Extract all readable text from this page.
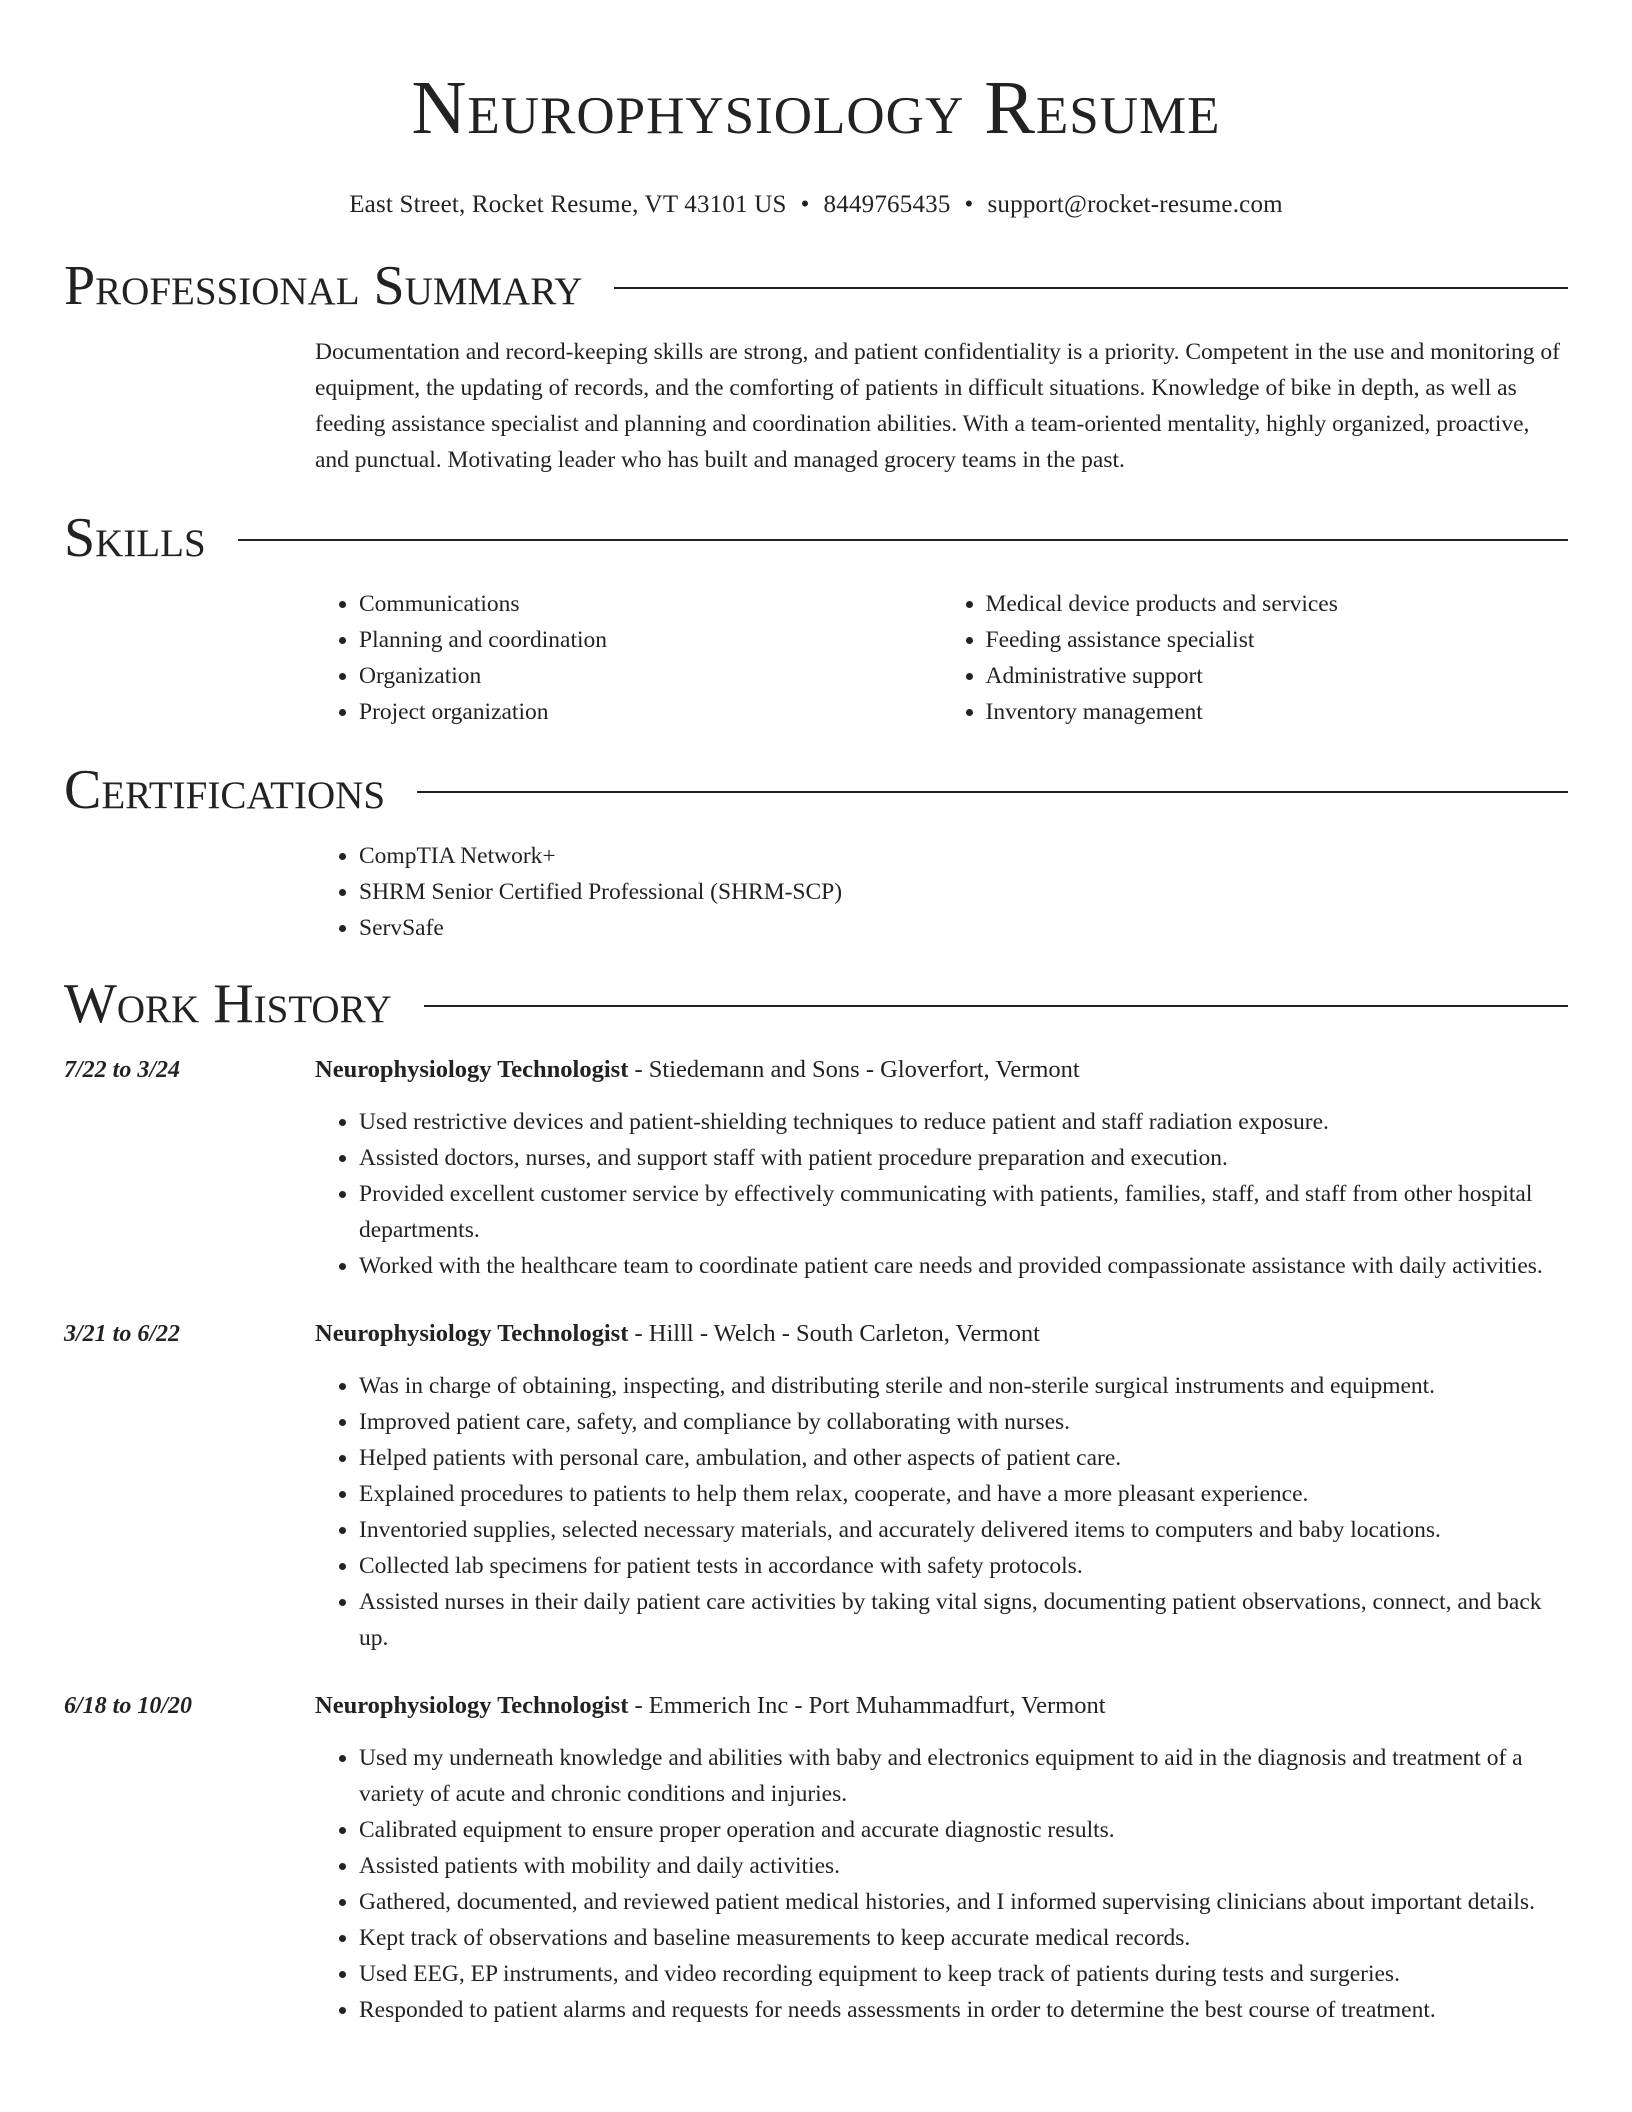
Neurophysiology Resume
East Street, Rocket Resume, VT 43101 US • 8449765435 • support@rocket-resume.com
Professional Summary

Documentation and record-keeping skills are strong, and patient confidentiality is a priority. Competent in the use and monitoring of equipment, the updating of records, and the comforting of patients in difficult situations. Knowledge of bike in depth, as well as feeding assistance specialist and planning and coordination abilities. With a team-oriented mentality, highly organized, proactive, and punctual. Motivating leader who has built and managed grocery teams in the past.

Skills
• Communications
• Planning and coordination
• Organization
• Project organization
• Medical device products and services
• Feeding assistance specialist
• Administrative support
• Inventory management
Certifications
• CompTIA Network+
• SHRM Senior Certified Professional (SHRM-SCP)
• ServSafe
Work History
7/22 to 3/24	Neurophysiology Technologist - Stiedemann and Sons - Gloverfort, Vermont
• Used restrictive devices and patient-shielding techniques to reduce patient and staff radiation exposure.
• Assisted doctors, nurses, and support staff with patient procedure preparation and execution.
• Provided excellent customer service by effectively communicating with patients, families, staff, and staff from other hospital departments.
• Worked with the healthcare team to coordinate patient care needs and provided compassionate assistance with daily activities.
3/21 to 6/22	Neurophysiology Technologist - Hilll - Welch - South Carleton, Vermont
• Was in charge of obtaining, inspecting, and distributing sterile and non-sterile surgical instruments and equipment.
• Improved patient care, safety, and compliance by collaborating with nurses.
• Helped patients with personal care, ambulation, and other aspects of patient care.
• Explained procedures to patients to help them relax, cooperate, and have a more pleasant experience.
• Inventoried supplies, selected necessary materials, and accurately delivered items to computers and baby locations.
• Collected lab specimens for patient tests in accordance with safety protocols.
• Assisted nurses in their daily patient care activities by taking vital signs, documenting patient observations, connect, and back up.
6/18 to 10/20	Neurophysiology Technologist - Emmerich Inc - Port Muhammadfurt, Vermont
• Used my underneath knowledge and abilities with baby and electronics equipment to aid in the diagnosis and treatment of a variety of acute and chronic conditions and injuries.
• Calibrated equipment to ensure proper operation and accurate diagnostic results.
• Assisted patients with mobility and daily activities.
• Gathered, documented, and reviewed patient medical histories, and I informed supervising clinicians about important details.
• Kept track of observations and baseline measurements to keep accurate medical records.
• Used EEG, EP instruments, and video recording equipment to keep track of patients during tests and surgeries.
• Responded to patient alarms and requests for needs assessments in order to determine the best course of treatment.
